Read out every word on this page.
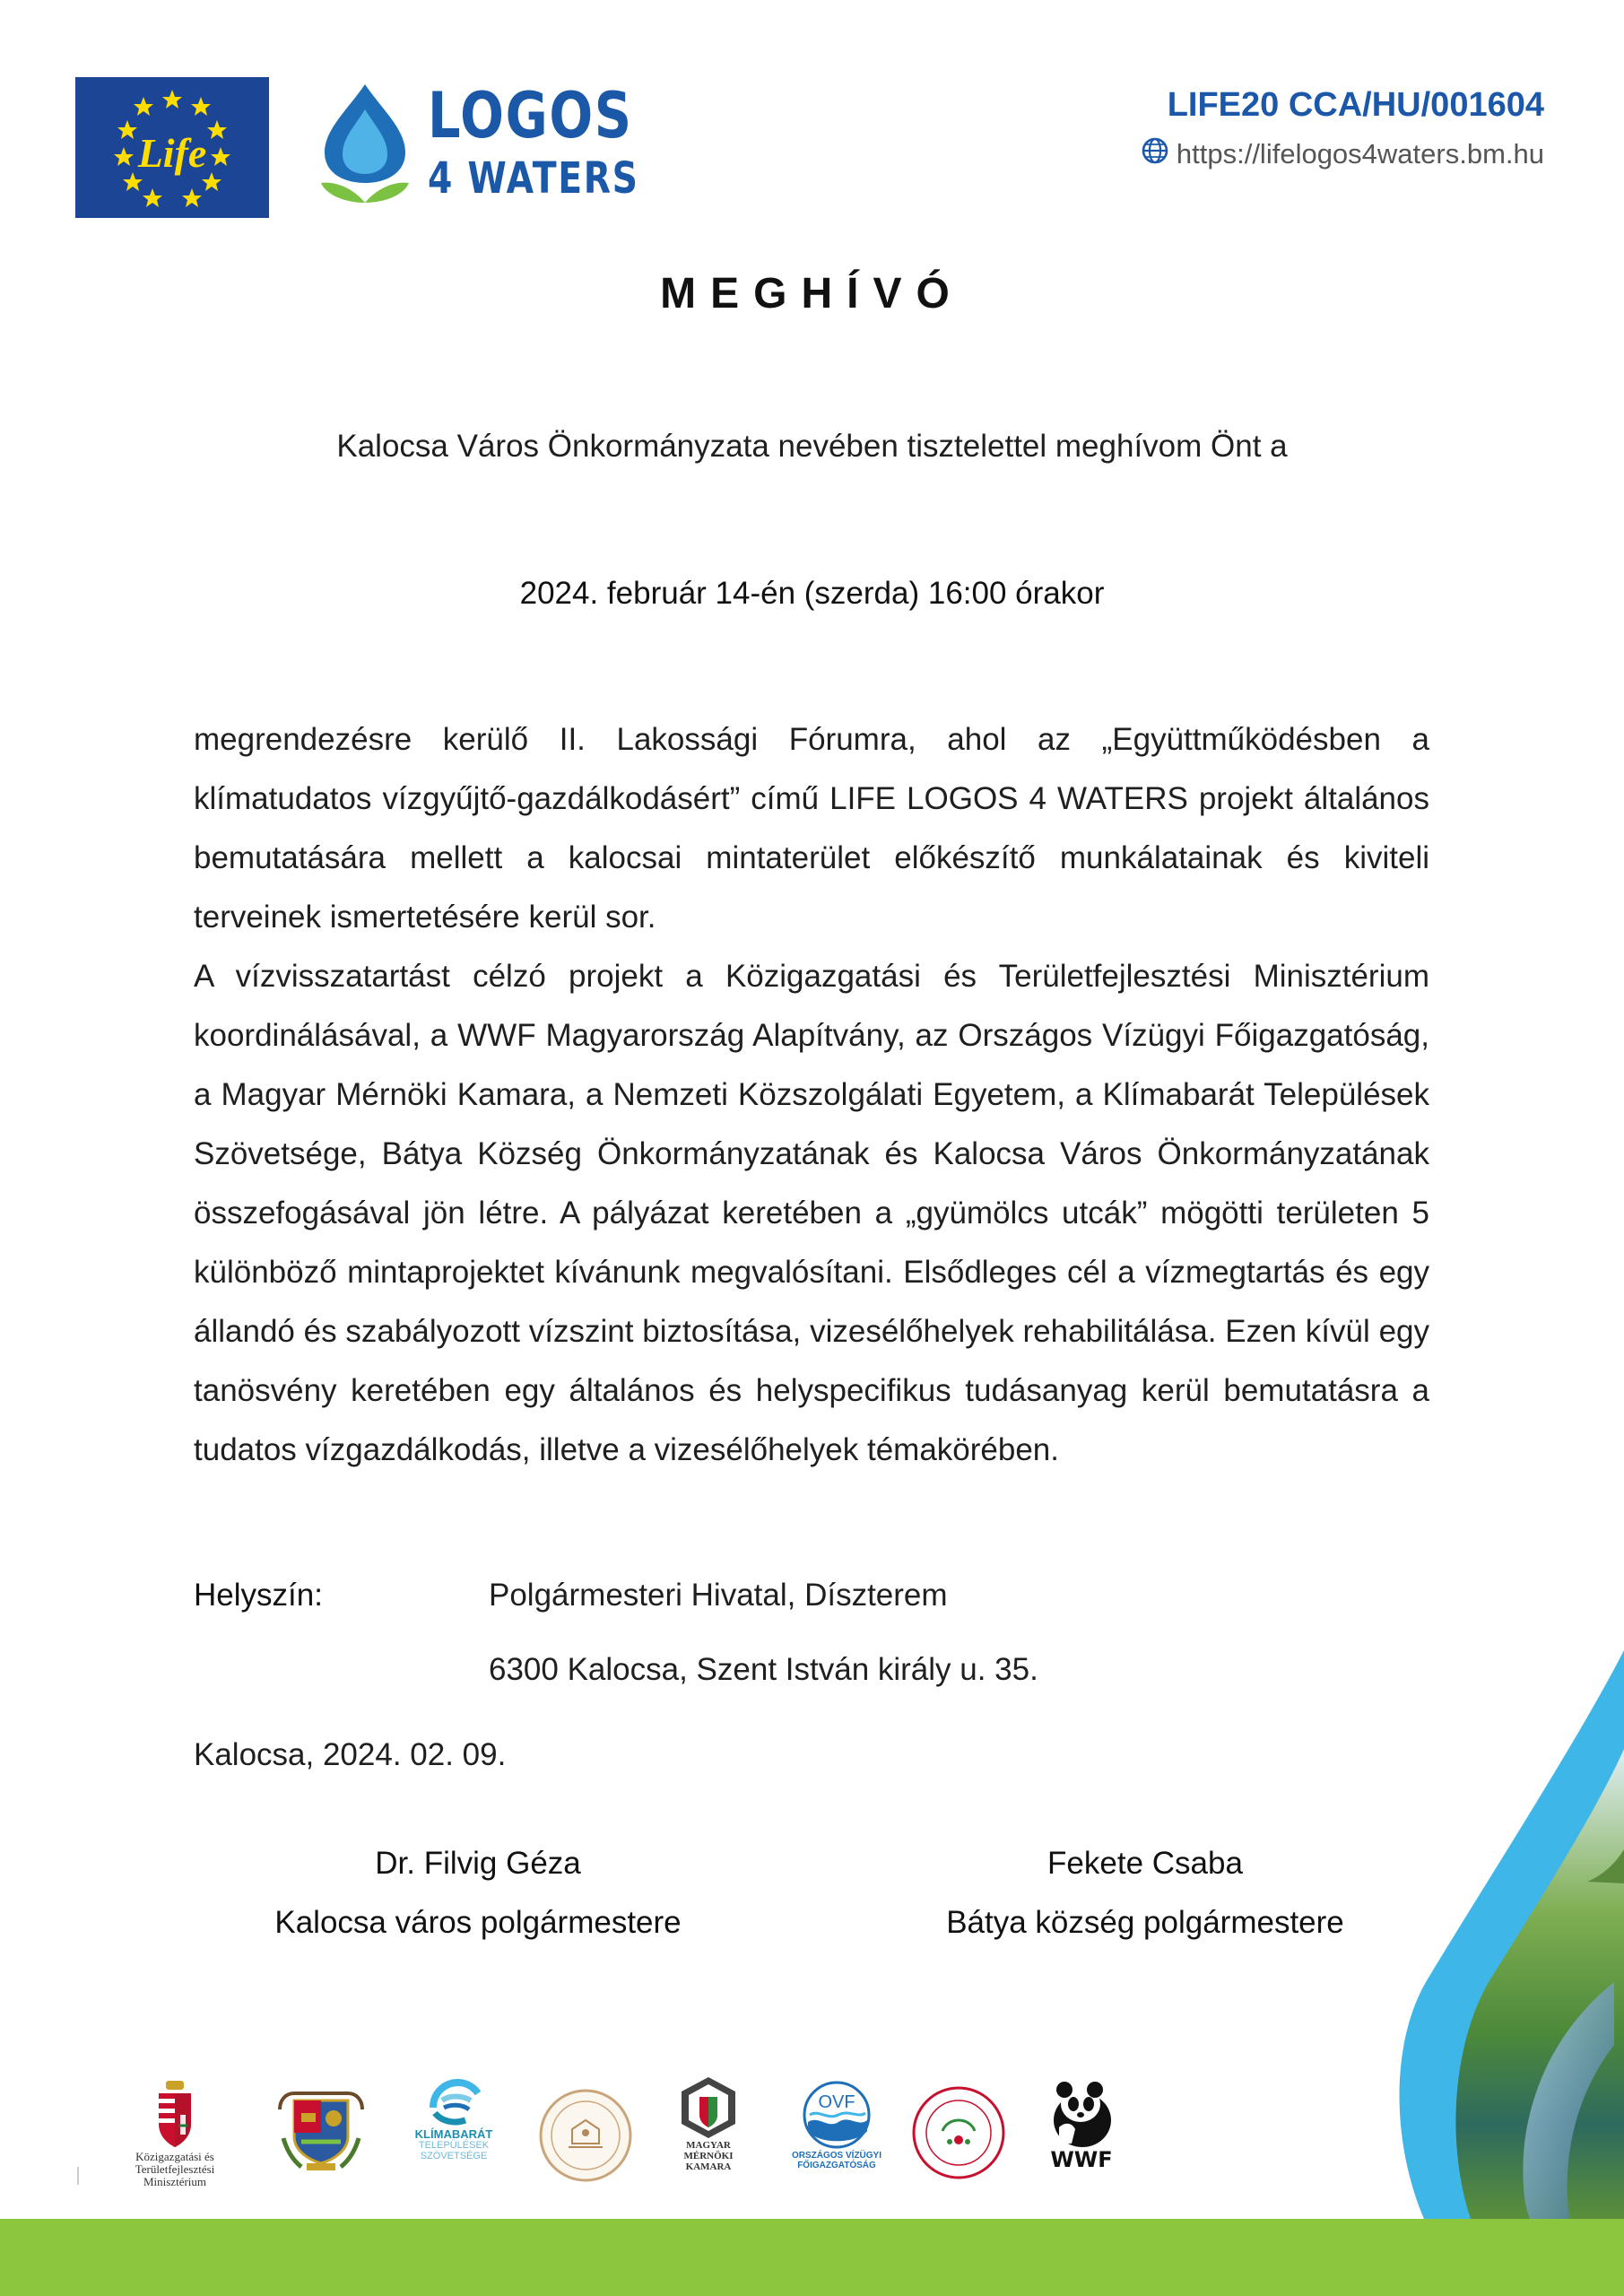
Life
LOGOS
4 WATERS
LIFE20 CCA/HU/001604
https://lifelogos4waters.bm.hu
MEGHÍVÓ
Kalocsa Város Önkormányzata nevében tisztelettel meghívom Önt a
2024. február 14-én (szerda) 16:00 órakor

megrendezésre kerülő II. Lakossági Fórumra, ahol az „Együttműködésben a klímatudatos vízgyűjtő-gazdálkodásért” című LIFE LOGOS 4 WATERS projekt általános bemutatására mellett a kalocsai mintaterület előkészítő munkálatainak és kiviteli terveinek ismertetésére kerül sor.

A vízvisszatartást célzó projekt a Közigazgatási és Területfejlesztési Minisztérium koordinálásával, a WWF Magyarország Alapítvány, az Országos Vízügyi Főigazgatóság, a Magyar Mérnöki Kamara, a Nemzeti Közszolgálati Egyetem, a Klímabarát Települések Szövetsége, Bátya Község Önkormányzatának és Kalocsa Város Önkormányzatának összefogásával jön létre. A pályázat keretében a „gyümölcs utcák” mögötti területen 5 különböző mintaprojektet kívánunk megvalósítani. Elsődleges cél a vízmegtartás és egy állandó és szabályozott vízszint biztosítása, vizesélőhelyek rehabilitálása. Ezen kívül egy tanösvény keretében egy általános és helyspecifikus tudásanyag kerül bemutatásra a tudatos vízgazdálkodás, illetve a vizesélőhelyek témakörében.

Helyszín:	Polgármesteri Hivatal, Díszterem
6300 Kalocsa, Szent István király u. 35.
Kalocsa, 2024. 02. 09.
Dr. Filvig Géza
Kalocsa város polgármestere
Fekete Csaba
Bátya község polgármestere
Közigazgatási és
Területfejlesztési
Minisztérium
KLÍMABARÁT
TELEPÜLÉSEK
SZÖVETSÉGE
MAGYAR
MÉRNÖKI
KAMARA
OVF
ORSZÁGOS VÍZÜGYI
FŐIGAZGATÓSÁG	WWF
